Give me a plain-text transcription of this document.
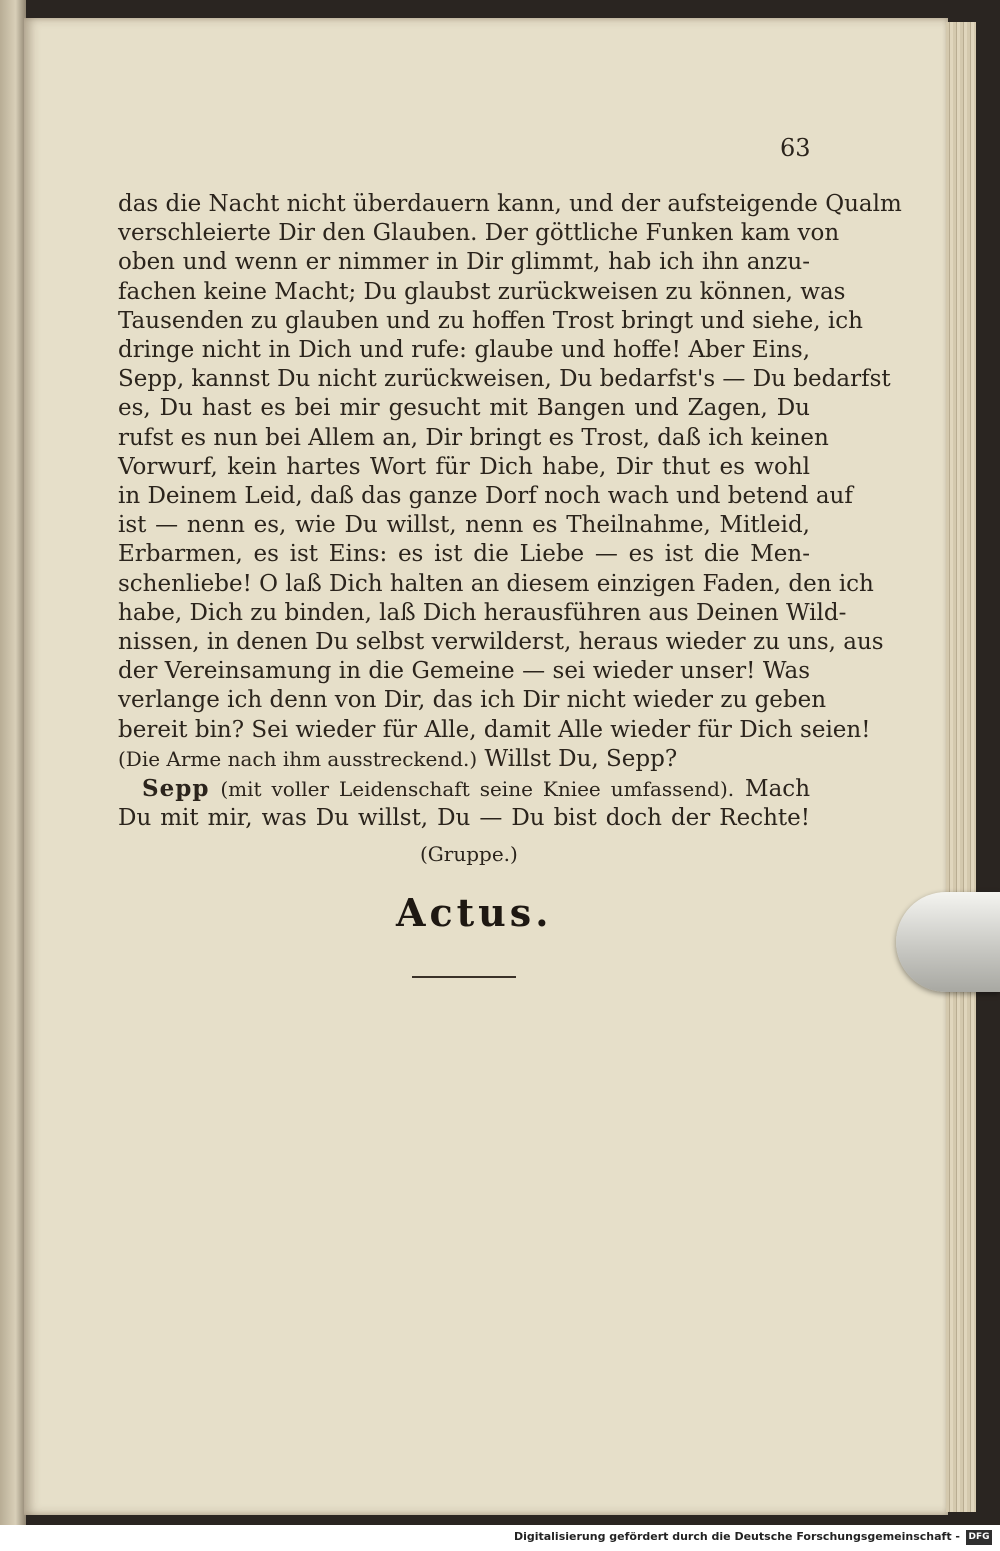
63
das die Nacht nicht überdauern kann, und der aufsteigende Qualm
verschleierte Dir den Glauben. Der göttliche Funken kam von
oben und wenn er nimmer in Dir glimmt, hab ich ihn anzu-
fachen keine Macht; Du glaubst zurückweisen zu können, was
Tausenden zu glauben und zu hoffen Trost bringt und siehe, ich
dringe nicht in Dich und rufe: glaube und hoffe! Aber Eins,
Sepp, kannst Du nicht zurückweisen, Du bedarfst's — Du bedarfst
es, Du hast es bei mir gesucht mit Bangen und Zagen, Du
rufst es nun bei Allem an, Dir bringt es Trost, daß ich keinen
Vorwurf, kein hartes Wort für Dich habe, Dir thut es wohl
in Deinem Leid, daß das ganze Dorf noch wach und betend auf
ist — nenn es, wie Du willst, nenn es Theilnahme, Mitleid,
Erbarmen, es ist Eins: es ist die Liebe — es ist die Men-
schenliebe! O laß Dich halten an diesem einzigen Faden, den ich
habe, Dich zu binden, laß Dich herausführen aus Deinen Wild-
nissen, in denen Du selbst verwilderst, heraus wieder zu uns, aus
der Vereinsamung in die Gemeine — sei wieder unser! Was
verlange ich denn von Dir, das ich Dir nicht wieder zu geben
bereit bin? Sei wieder für Alle, damit Alle wieder für Dich seien!
(Die Arme nach ihm ausstreckend.) Willst Du, Sepp?
Sepp (mit voller Leidenschaft seine Kniee umfassend). Mach
Du mit mir, was Du willst, Du — Du bist doch der Rechte!
(Gruppe.)
Actus.
Digitalisierung gefördert durch die Deutsche Forschungsgemeinschaft - DFG
